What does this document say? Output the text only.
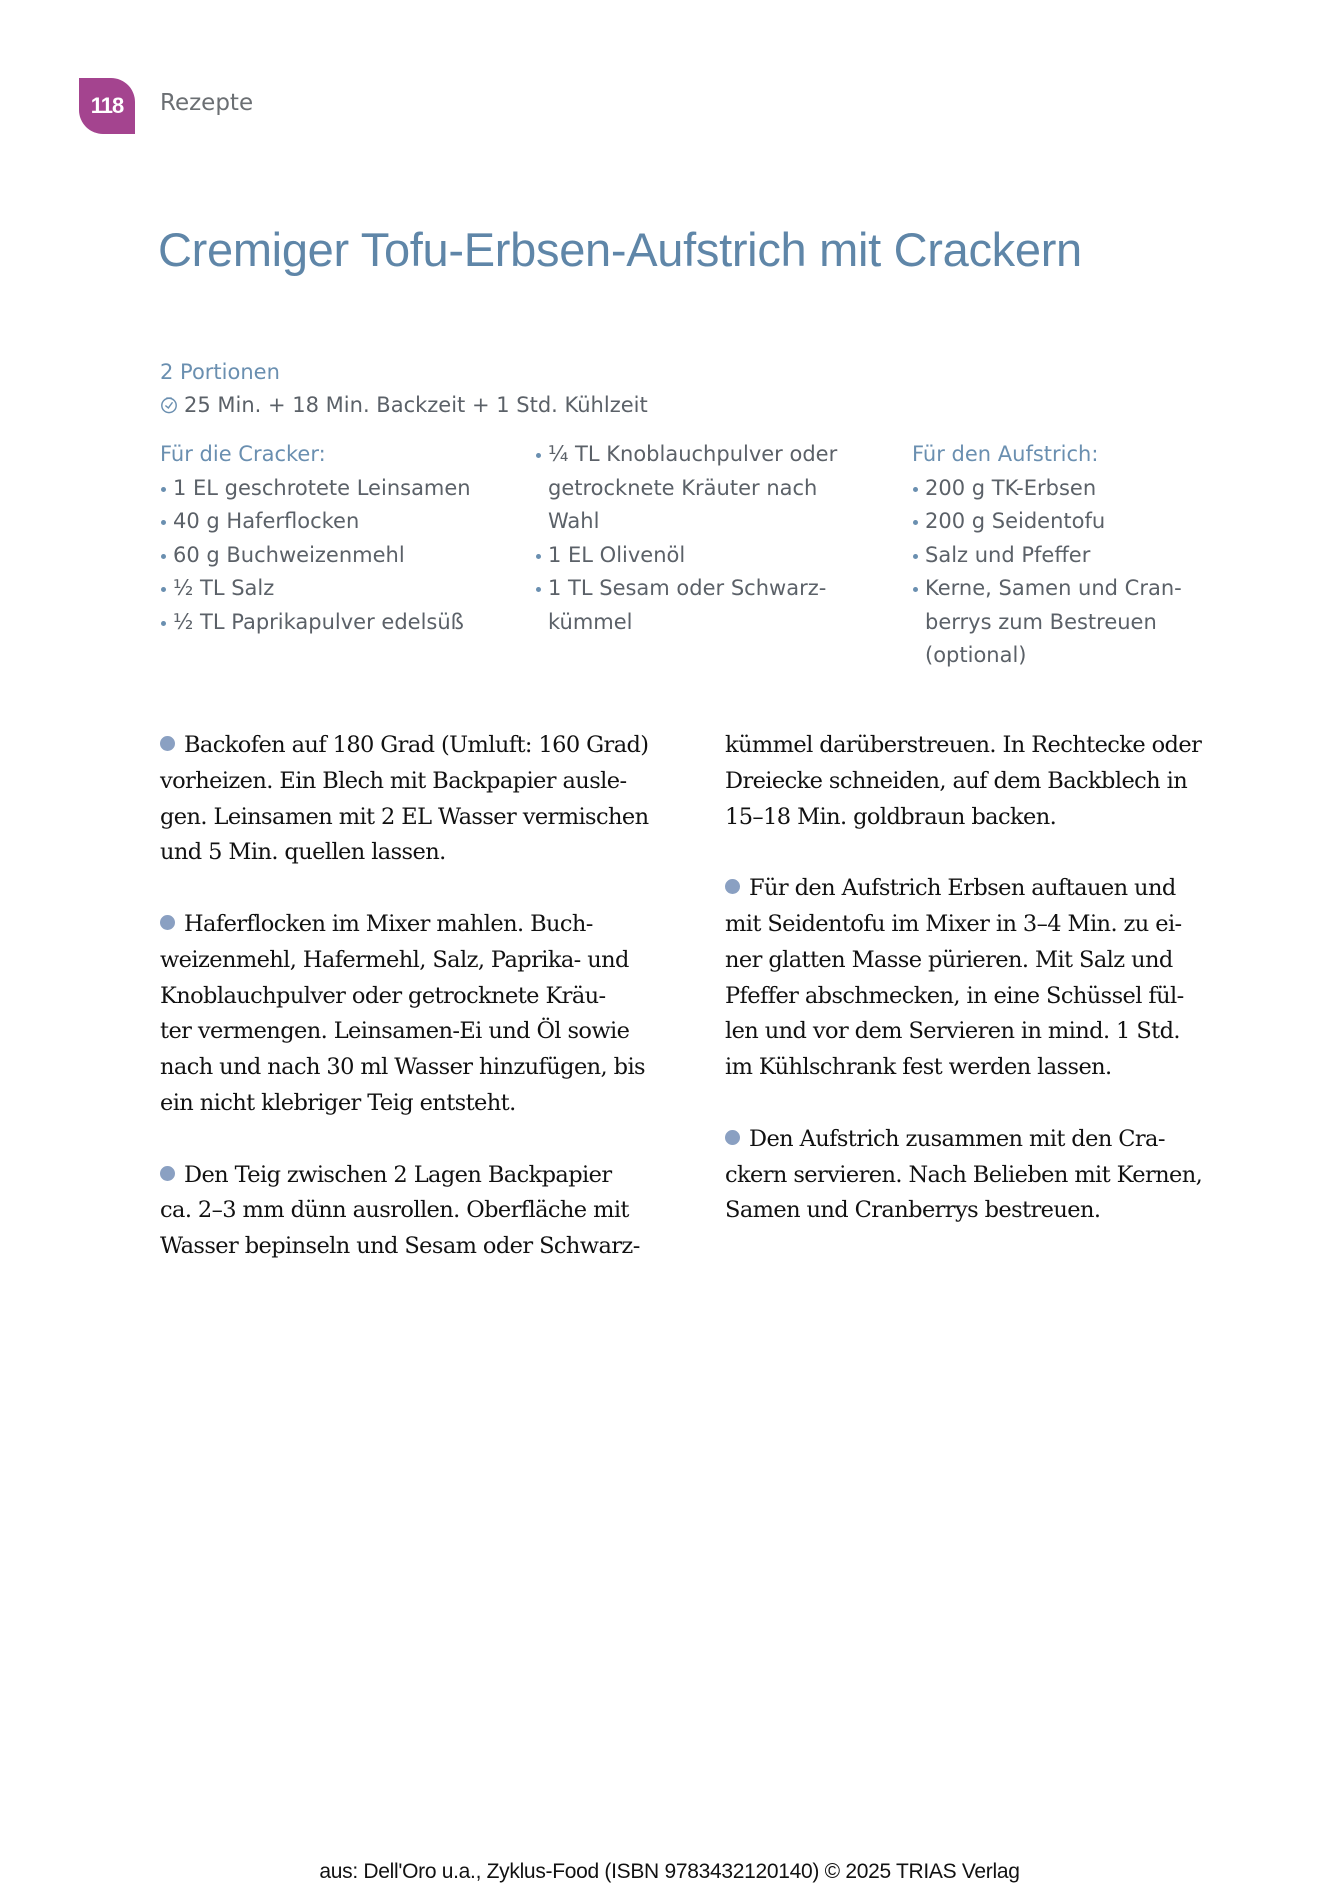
118 Rezepte
Cremiger Tofu-Erbsen-Aufstrich mit Crackern
2 Portionen
25 Min. + 18 Min. Backzeit + 1 Std. Kühlzeit
Für die Cracker:
1 EL geschrotete Leinsamen
40 g Haferflocken
60 g Buchweizenmehl
½ TL Salz
½ TL Paprikapulver edelsüß
¼ TL Knoblauchpulver oder
getrocknete Kräuter nach
Wahl
1 EL Olivenöl
1 TL Sesam oder Schwarz-
kümmel
Für den Aufstrich:
200 g TK-Erbsen
200 g Seidentofu
Salz und Pfeffer
Kerne, Samen und Cran-
berrys zum Bestreuen
(optional)

Backofen auf 180 Grad (Umluft: 160 Grad)
vorheizen. Ein Blech mit Backpapier ausle-
gen. Leinsamen mit 2 EL Wasser vermischen
und 5 Min. quellen lassen.

Haferflocken im Mixer mahlen. Buch-
weizenmehl, Hafermehl, Salz, Paprika- und
Knoblauchpulver oder getrocknete Kräu-
ter vermengen. Leinsamen-Ei und Öl sowie
nach und nach 30 ml Wasser hinzufügen, bis
ein nicht klebriger Teig entsteht.

Den Teig zwischen 2 Lagen Backpapier
ca. 2–3 mm dünn ausrollen. Oberfläche mit
Wasser bepinseln und Sesam oder Schwarz-

kümmel darüberstreuen. In Rechtecke oder
Dreiecke schneiden, auf dem Backblech in
15–18 Min. goldbraun backen.

Für den Aufstrich Erbsen auftauen und
mit Seidentofu im Mixer in 3–4 Min. zu ei-
ner glatten Masse pürieren. Mit Salz und
Pfeffer abschmecken, in eine Schüssel fül-
len und vor dem Servieren in mind. 1 Std.
im Kühlschrank fest werden lassen.

Den Aufstrich zusammen mit den Cra-
ckern servieren. Nach Belieben mit Kernen,
Samen und Cranberrys bestreuen.

aus: Dell'Oro u.a., Zyklus-Food (ISBN 9783432120140) © 2025 TRIAS Verlag
